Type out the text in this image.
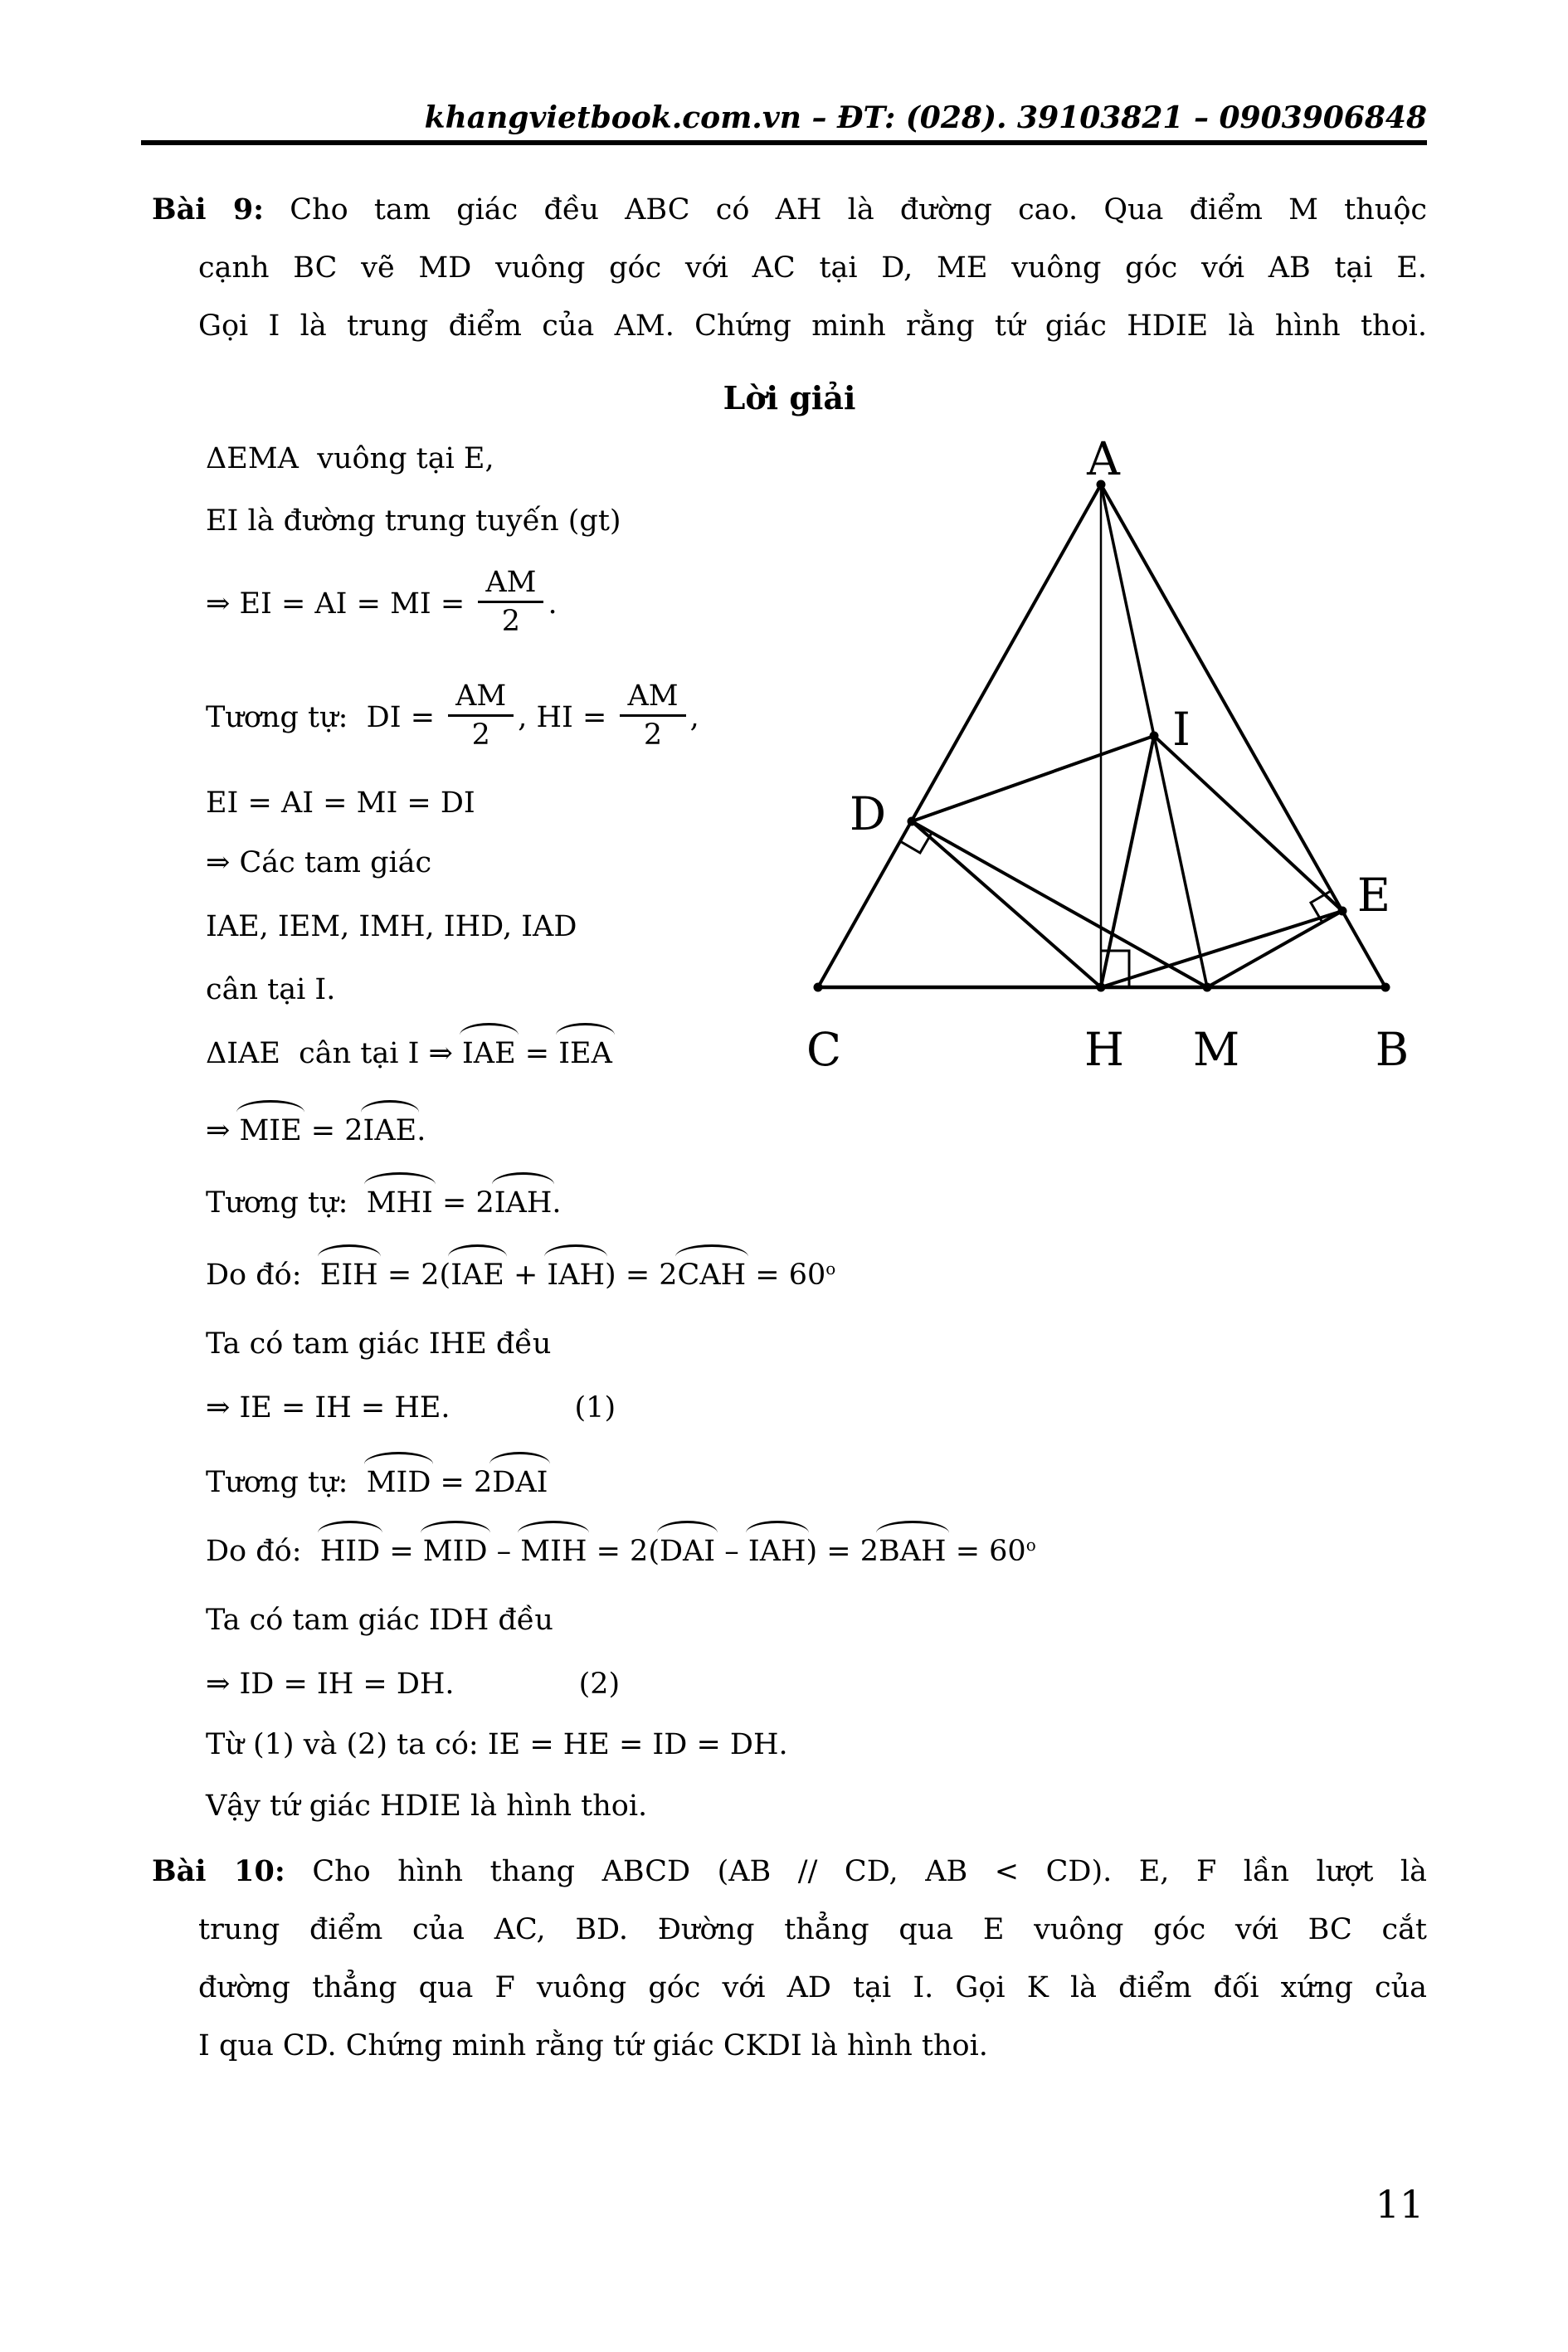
khangvietbook.com.vn – ĐT: (028). 39103821 – 0903906848
Bài 9: Cho tam giác đều ABC có AH là đường cao. Qua điểm M thuộc
cạnh BC vẽ MD vuông góc với AC tại D, ME vuông góc với AB tại E.
Gọi I là trung điểm của AM. Chứng minh rằng tứ giác HDIE là hình thoi.
Lời giải
ΔEMA  vuông tại E,
EI là đường trung tuyến (gt)
⇒ EI = AI = MI = $\frac{AM}{2}$ .
Tương tự:  DI = $\frac{AM}{2}$ , HI = $\frac{AM}{2}$ ,
EI = AI = MI = DI
⇒ Các tam giác
IAE, IEM, IMH, IHD, IAD
cân tại I.
ΔIAE  cân tại I ⇒ IAE = IEA
⇒ MIE = 2IAE.
Tương tự:  MHI = 2IAH.
Do đó:  EIH = $2(IAE + IAH) = 2CAH = 60^o$
Ta có tam giác IHE đều
⇒ IE = IH = HE.	(1)
Tương tự:  MID = 2DAI
Do đó:  HID = MID – MIH = $2(DAI - IAH) = 2BAH = 60^o$
Ta có tam giác IDH đều
⇒ ID = IH = DH.	(2)
Từ (1) và (2) ta có: IE = HE = ID = DH.
Vậy tứ giác HDIE là hình thoi.
A
C	H M	B
D
I
E
Bài 10: Cho hình thang ABCD (AB // CD, AB < CD). E, F lần lượt là
trung điểm của AC, BD. Đường thẳng qua E vuông góc với BC cắt
đường thẳng qua F vuông góc với AD tại I. Gọi K là điểm đối xứng của
I qua CD. Chứng minh rằng tứ giác CKDI là hình thoi.
11
